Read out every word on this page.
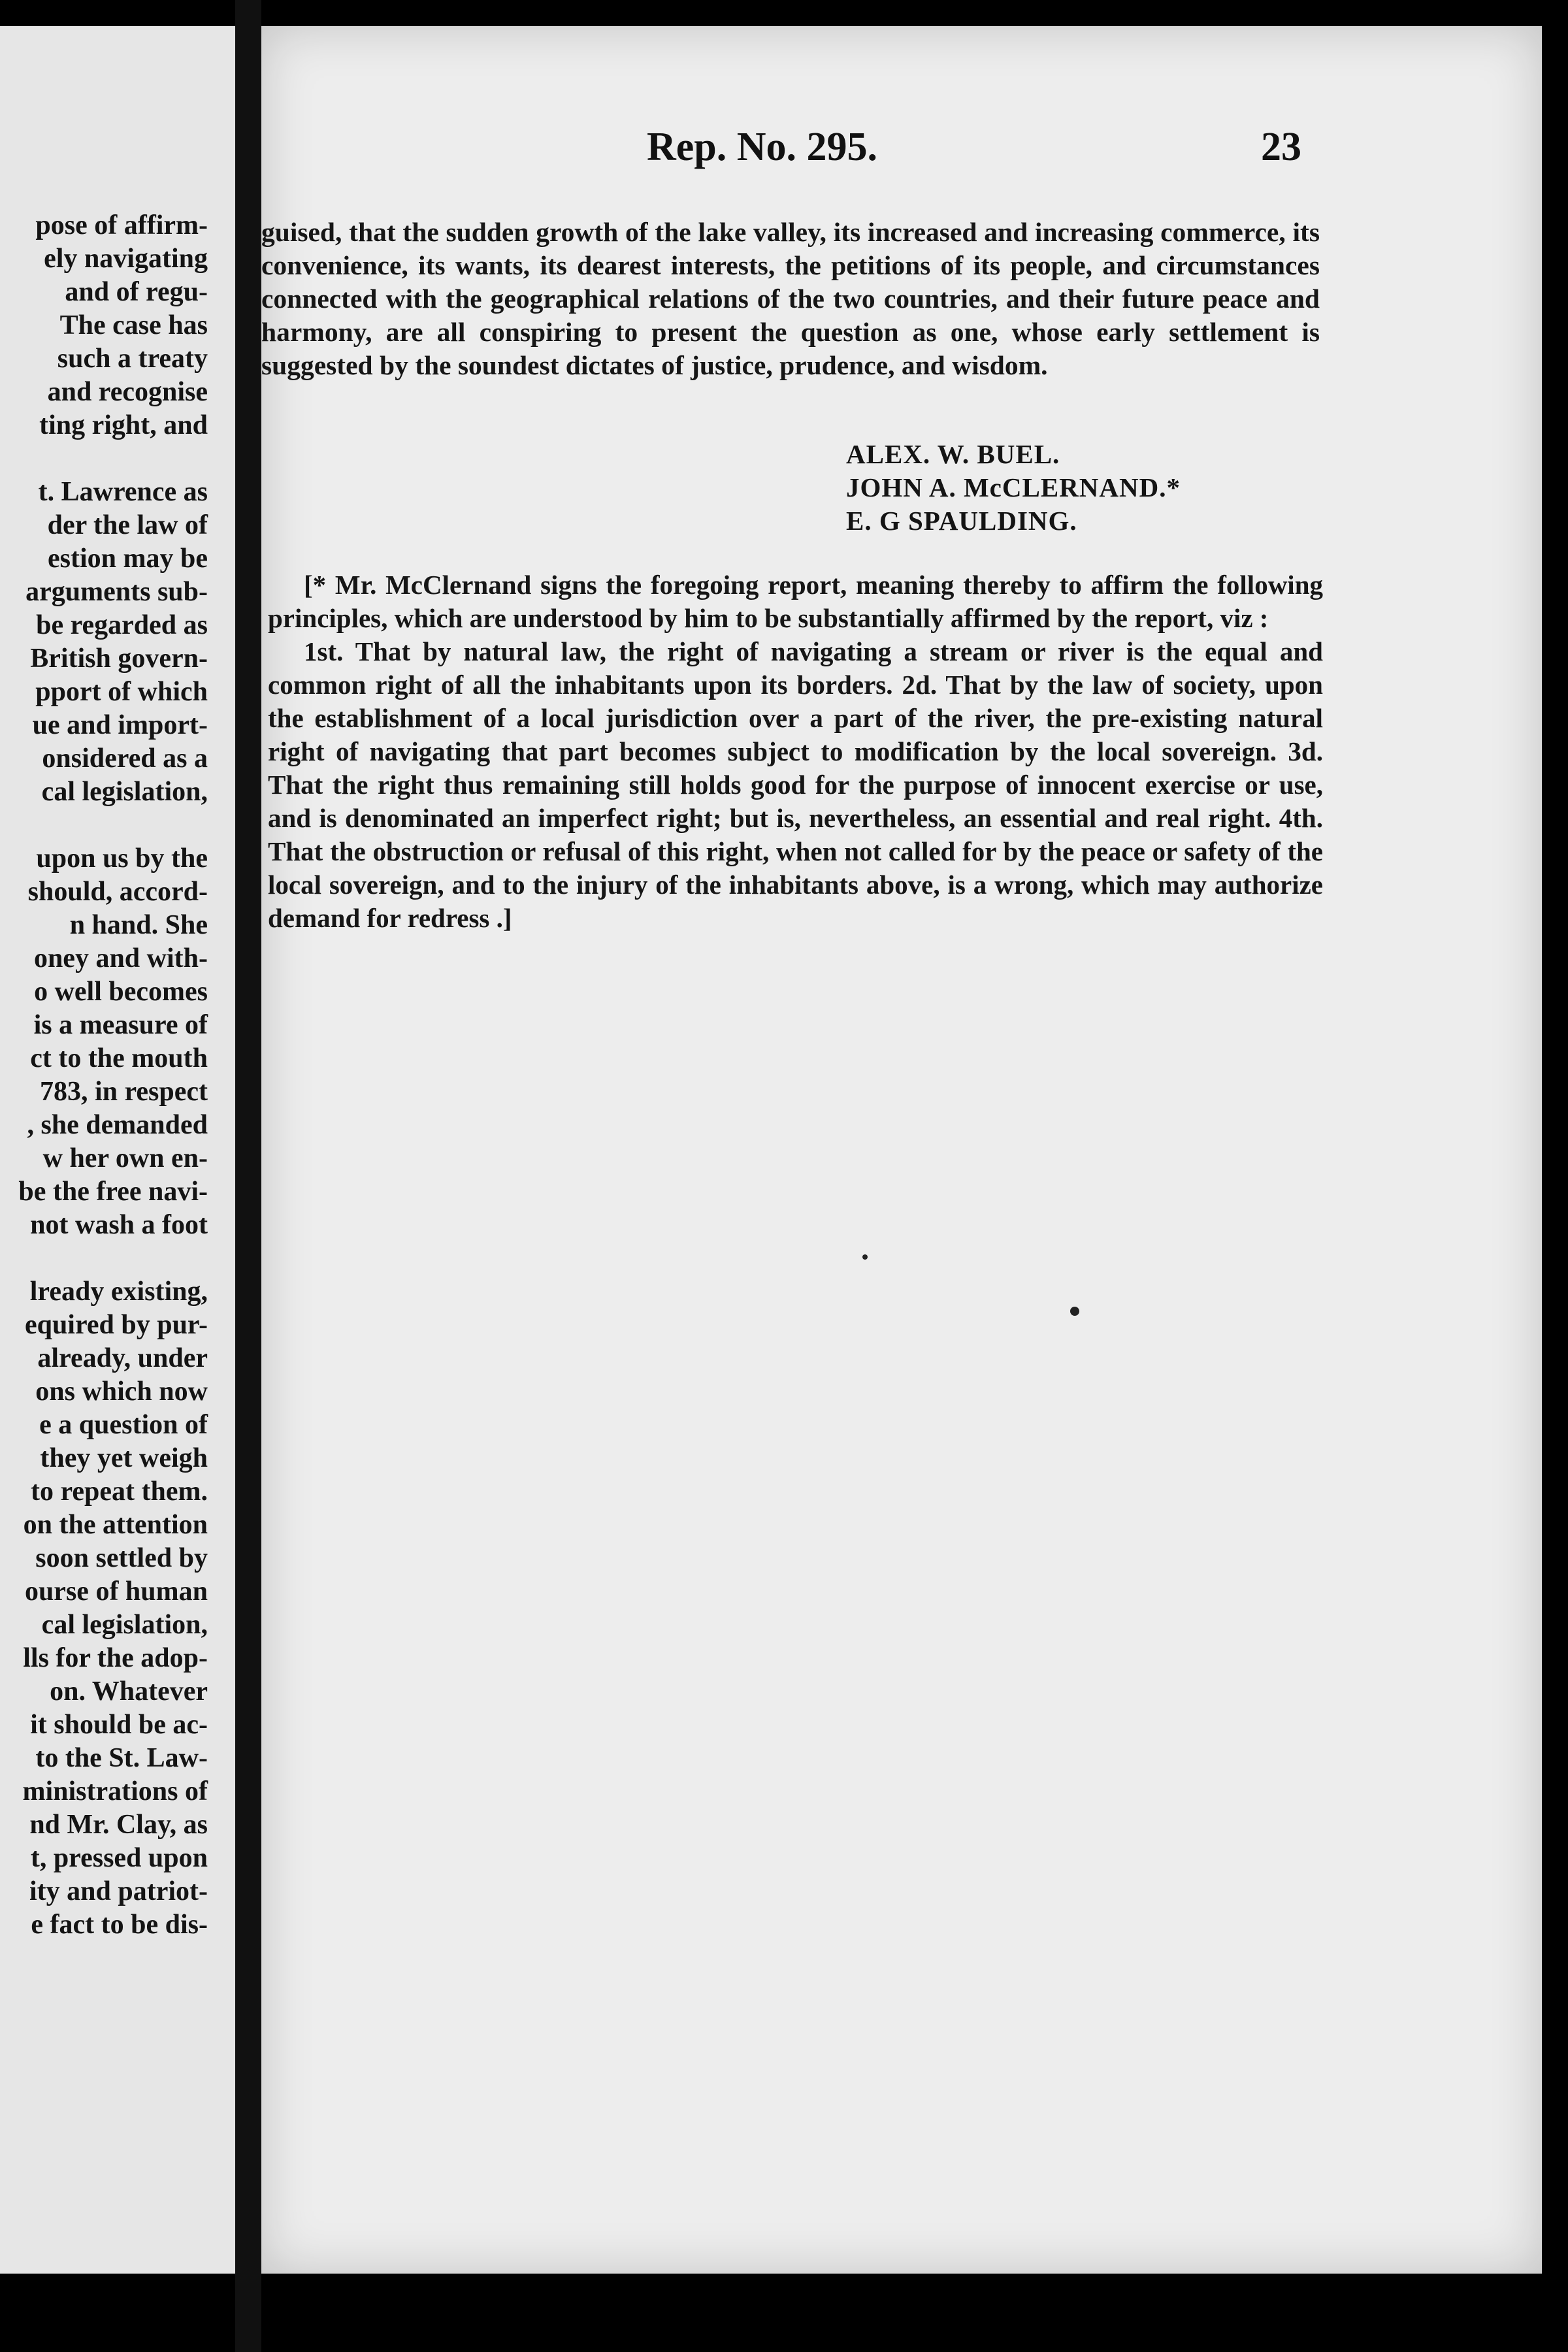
pose of affirm-
ely navigating
and of regu-
The case has
such a treaty
and recognise
ting right, and
t. Lawrence as
der the law of
estion may be
arguments sub-
be regarded as
British govern-
pport of which
ue and import-
onsidered as a
cal legislation,
upon us by the
should, accord-
n hand. She
oney and with-
o well becomes
is a measure of
ct to the mouth
783, in respect
, she demanded
w her own en-
be the free navi-
not wash a foot
lready existing,
equired by pur-
already, under
ons which now
e a question of
they yet weigh
to repeat them.
on the attention
soon settled by
ourse of human
cal legislation,
lls for the adop-
on. Whatever
it should be ac-
to the St. Law-
ministrations of
nd Mr. Clay, as
t, pressed upon
ity and patriot-
e fact to be dis-
Rep. No. 295.	23

guised, that the sudden growth of the lake valley, its increased and increasing commerce, its convenience, its wants, its dearest interests, the petitions of its people, and circumstances connected with the geographical relations of the two countries, and their future peace and harmony, are all conspiring to present the question as one, whose early settlement is suggested by the soundest dictates of justice, prudence, and wisdom.

ALEX. W. BUEL.
JOHN A. McCLERNAND.*
E. G SPAULDING.

[* Mr. McClernand signs the foregoing report, meaning thereby to affirm the following principles, which are understood by him to be substantially affirmed by the report, viz :

1st. That by natural law, the right of navigating a stream or river is the equal and common right of all the inhabitants upon its borders. 2d. That by the law of society, upon the establishment of a local jurisdiction over a part of the river, the pre-existing natural right of navigating that part becomes subject to modification by the local sovereign. 3d. That the right thus remaining still holds good for the purpose of innocent exercise or use, and is denominated an imperfect right; but is, nevertheless, an essential and real right. 4th. That the obstruction or refusal of this right, when not called for by the peace or safety of the local sovereign, and to the injury of the inhabitants above, is a wrong, which may authorize demand for redress .]
